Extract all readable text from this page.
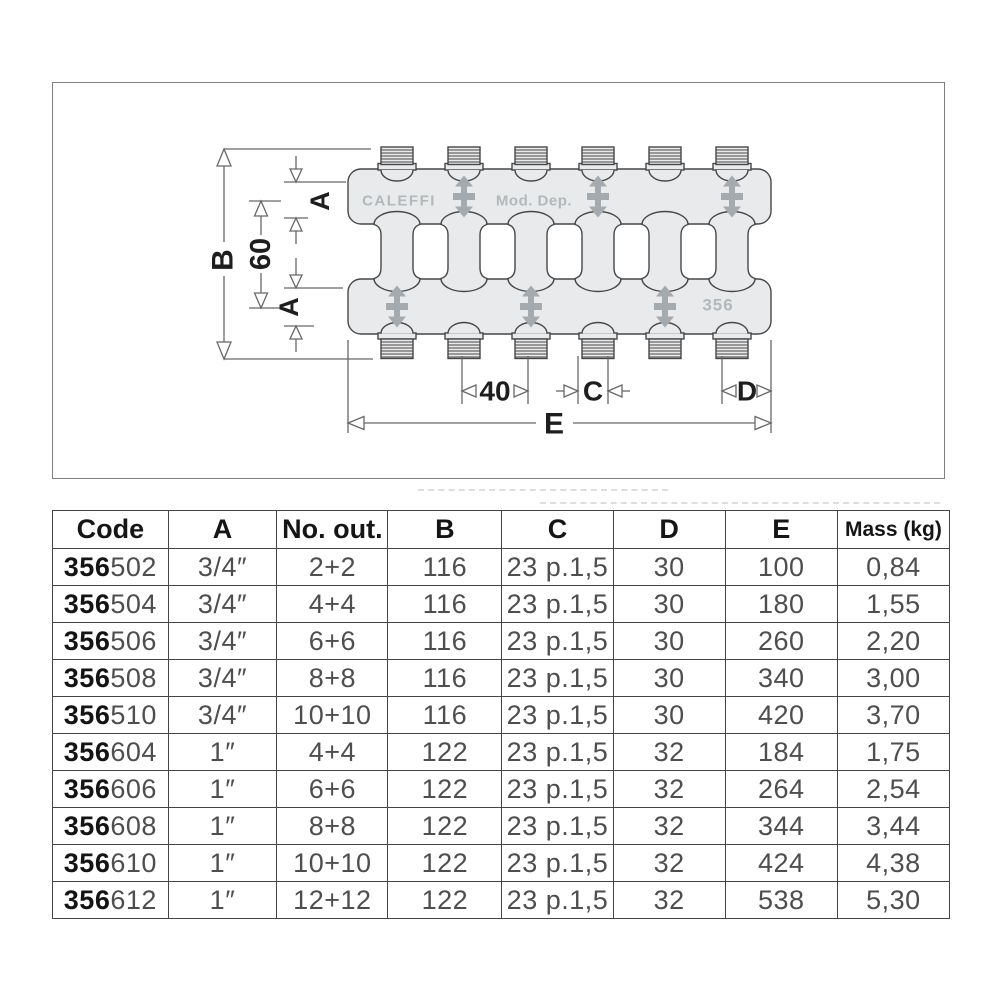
CALEFFI	Mod. Dep.
356
B 60
A
A
40	C	D
E
Code	A	No. out.	B	C	D	E	Mass (kg)
356502	3/4″	2+2	116	23 p.1,5	30	100	0,84
356504	3/4″	4+4	116	23 p.1,5	30	180	1,55
356506	3/4″	6+6	116	23 p.1,5	30	260	2,20
356508	3/4″	8+8	116	23 p.1,5	30	340	3,00
356510	3/4″	10+10	116	23 p.1,5	30	420	3,70
356604	1″	4+4	122	23 p.1,5	32	184	1,75
356606	1″	6+6	122	23 p.1,5	32	264	2,54
356608	1″	8+8	122	23 p.1,5	32	344	3,44
356610	1″	10+10	122	23 p.1,5	32	424	4,38
356612	1″	12+12	122	23 p.1,5	32	538	5,30
